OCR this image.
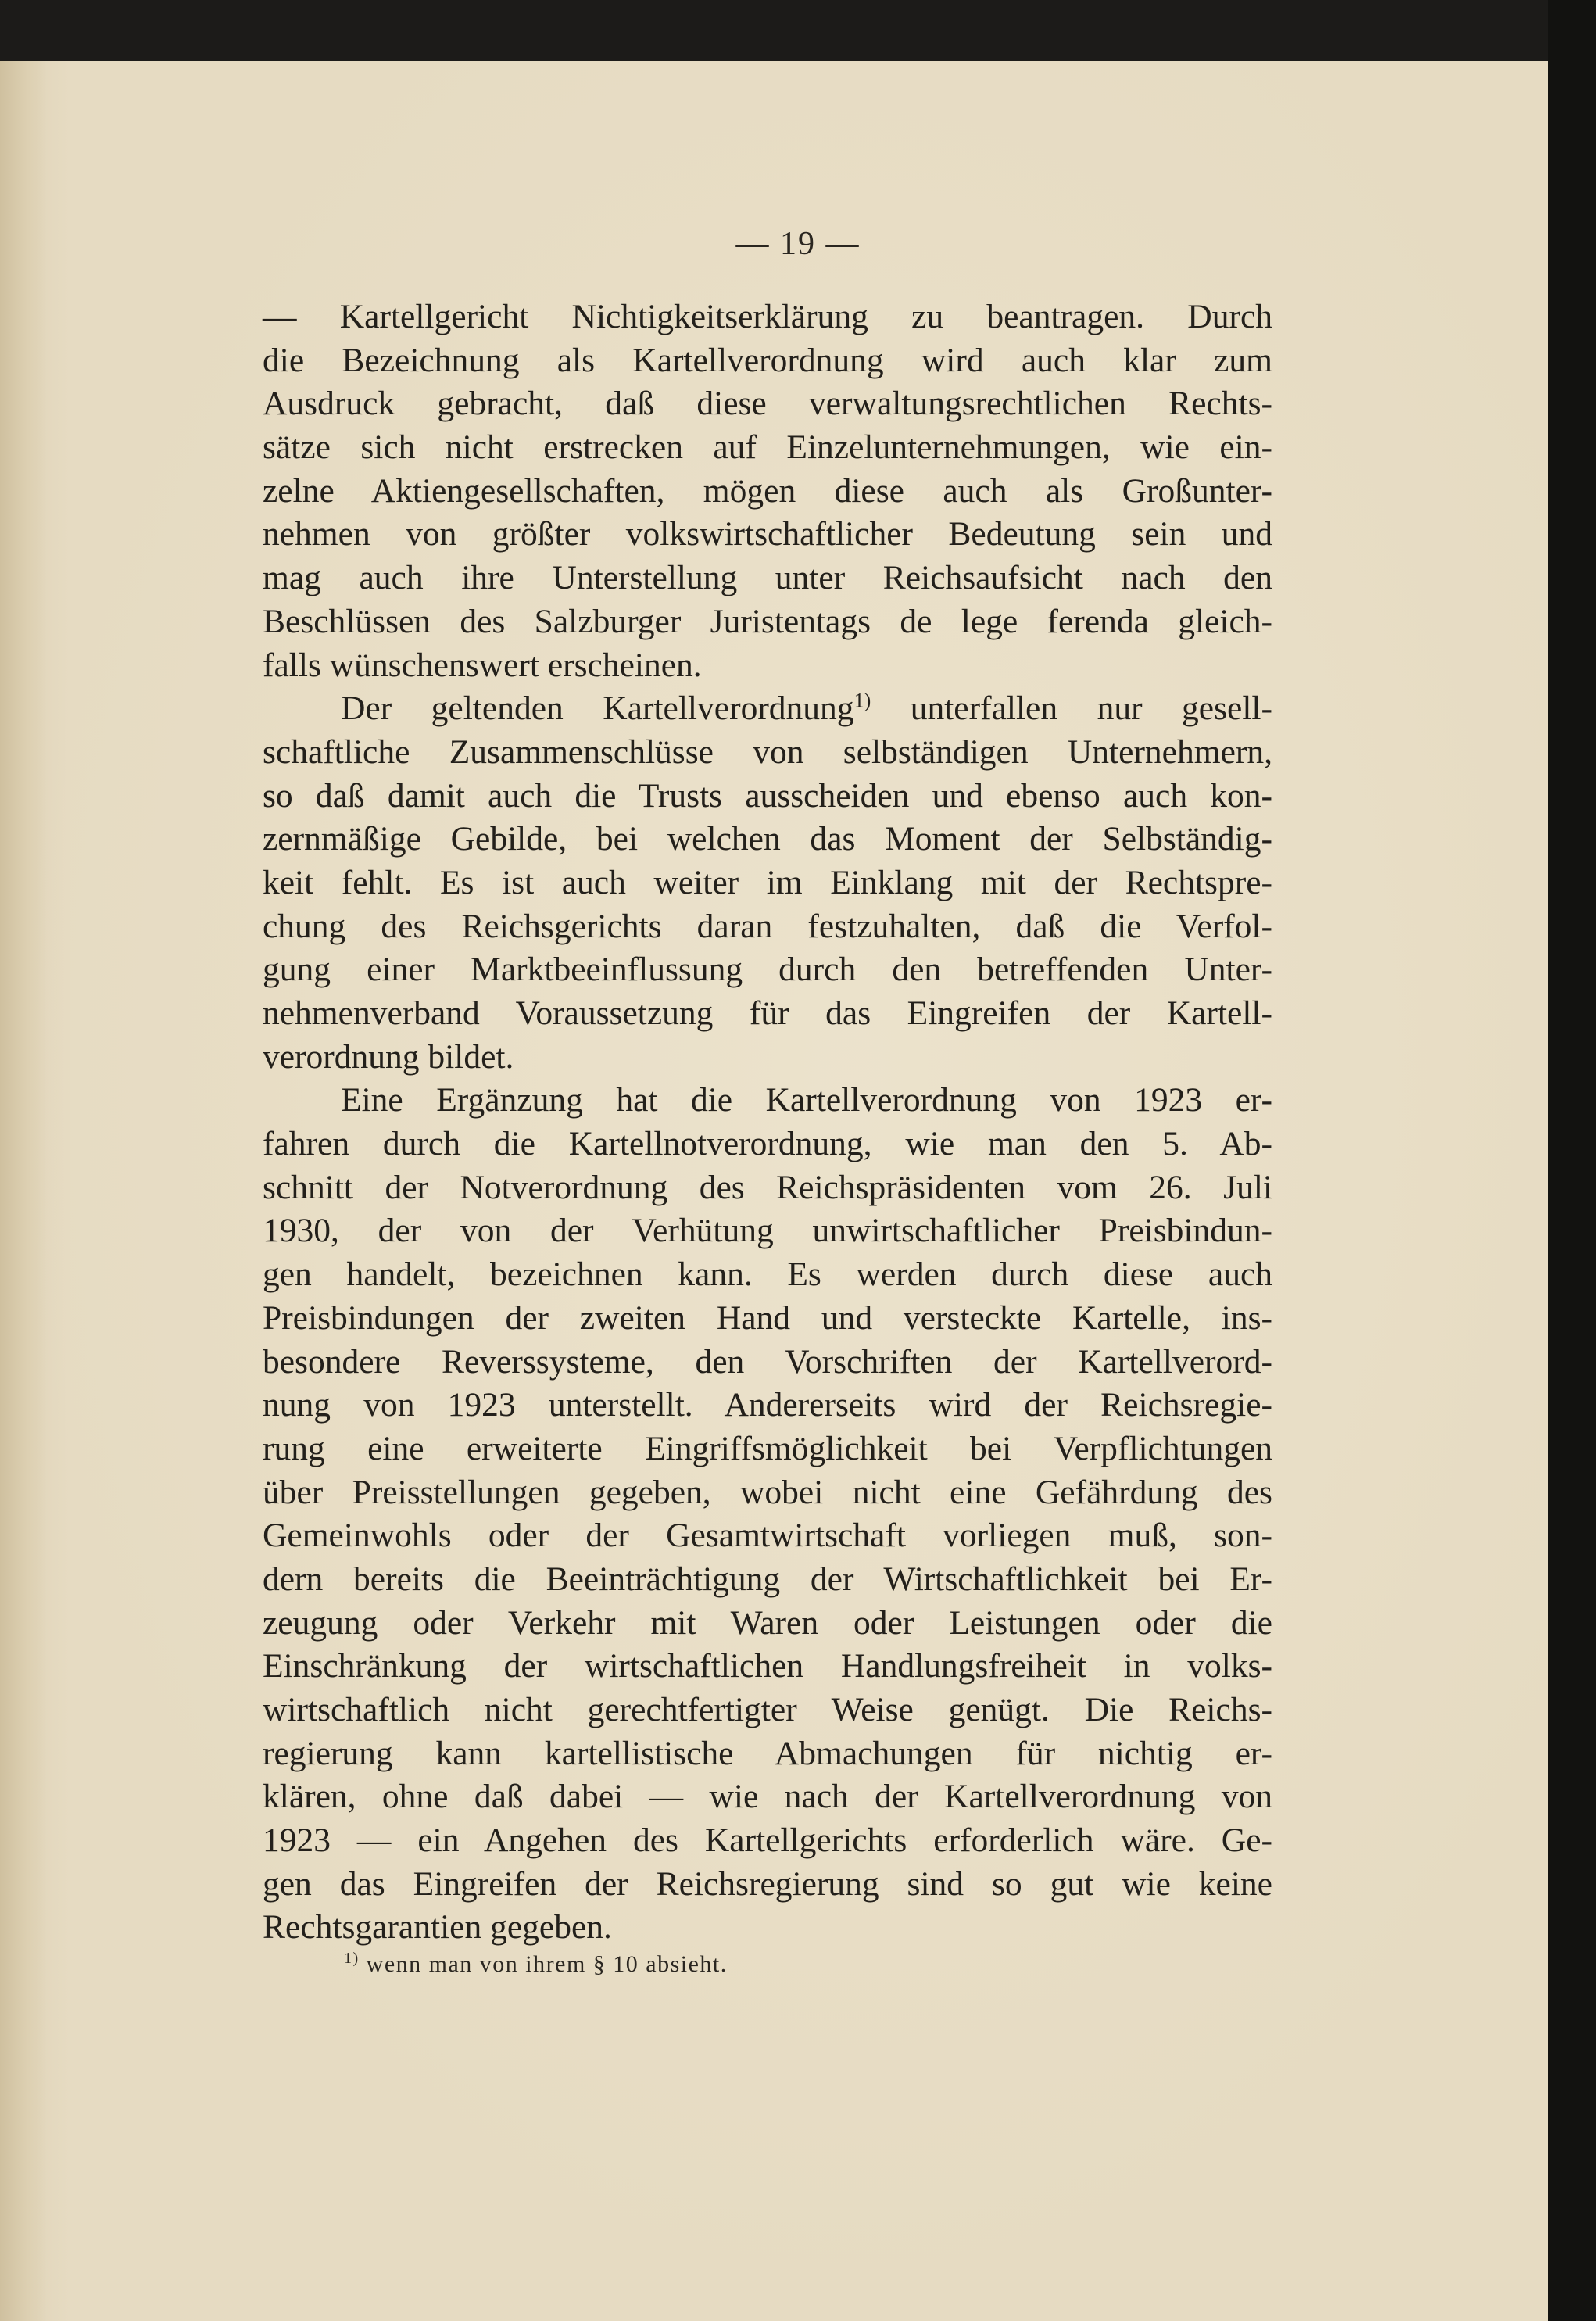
— 19 —
— Kartellgericht Nichtigkeitserklärung zu beantragen. Durch
die Bezeichnung als Kartellverordnung wird auch klar zum
Ausdruck gebracht, daß diese verwaltungsrechtlichen Rechts-
sätze sich nicht erstrecken auf Einzelunternehmungen, wie ein-
zelne Aktiengesellschaften, mögen diese auch als Großunter-
nehmen von größter volkswirtschaftlicher Bedeutung sein und
mag auch ihre Unterstellung unter Reichsaufsicht nach den
Beschlüssen des Salzburger Juristentags de lege ferenda gleich-
falls wünschenswert erscheinen.
Der geltenden Kartellverordnung$^{1)}$ unterfallen nur gesell-
schaftliche Zusammenschlüsse von selbständigen Unternehmern,
so daß damit auch die Trusts ausscheiden und ebenso auch kon-
zernmäßige Gebilde, bei welchen das Moment der Selbständig-
keit fehlt. Es ist auch weiter im Einklang mit der Rechtspre-
chung des Reichsgerichts daran festzuhalten, daß die Verfol-
gung einer Marktbeeinflussung durch den betreffenden Unter-
nehmenverband Voraussetzung für das Eingreifen der Kartell-
verordnung bildet.
Eine Ergänzung hat die Kartellverordnung von 1923 er-
fahren durch die Kartellnotverordnung, wie man den 5. Ab-
schnitt der Notverordnung des Reichspräsidenten vom 26. Juli
1930, der von der Verhütung unwirtschaftlicher Preisbindun-
gen handelt, bezeichnen kann. Es werden durch diese auch
Preisbindungen der zweiten Hand und versteckte Kartelle, ins-
besondere Reverssysteme, den Vorschriften der Kartellverord-
nung von 1923 unterstellt. Andererseits wird der Reichsregie-
rung eine erweiterte Eingriffsmöglichkeit bei Verpflichtungen
über Preisstellungen gegeben, wobei nicht eine Gefährdung des
Gemeinwohls oder der Gesamtwirtschaft vorliegen muß, son-
dern bereits die Beeinträchtigung der Wirtschaftlichkeit bei Er-
zeugung oder Verkehr mit Waren oder Leistungen oder die
Einschränkung der wirtschaftlichen Handlungsfreiheit in volks-
wirtschaftlich nicht gerechtfertigter Weise genügt. Die Reichs-
regierung kann kartellistische Abmachungen für nichtig er-
klären, ohne daß dabei — wie nach der Kartellverordnung von
1923 — ein Angehen des Kartellgerichts erforderlich wäre. Ge-
gen das Eingreifen der Reichsregierung sind so gut wie keine
Rechtsgarantien gegeben.
$^{1)}$ wenn man von ihrem § 10 absieht.
